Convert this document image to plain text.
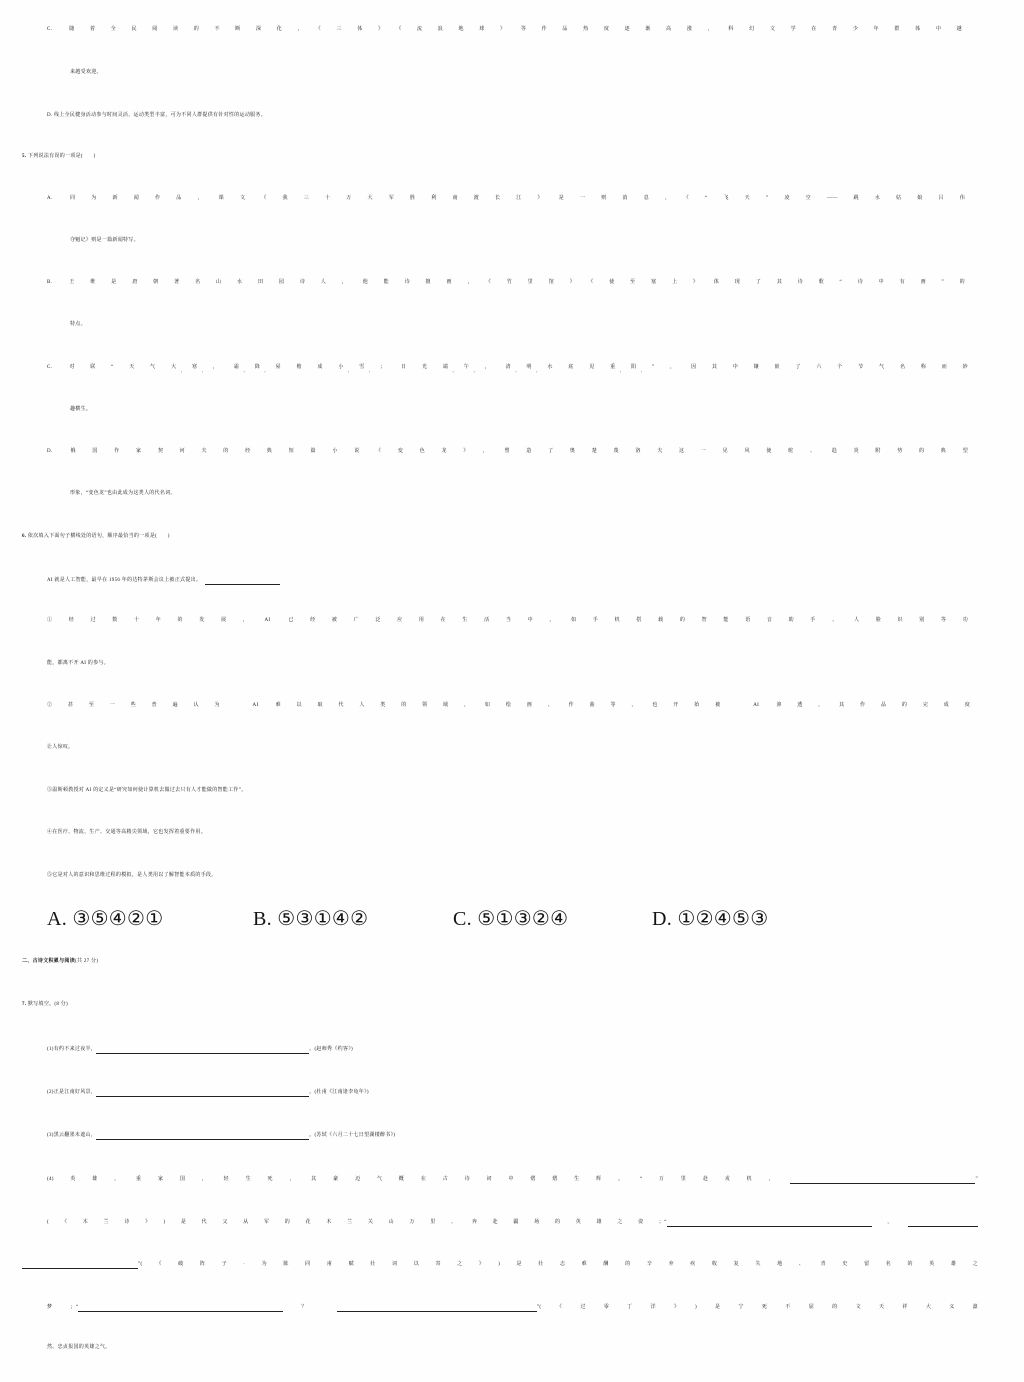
C. 随着全民阅读的不断深化，《三体》《流浪地球》等作品热度逐渐高涨，科幻文学在青少年群体中越
来越受欢迎。
D. 线上全民健身活动参与时间灵活，运动类型丰富，可为不同人群提供有针对性的运动服务。
5. 下列说法有误的一项是(　　)
A. 同为新闻作品，课文《我三十万大军胜利南渡长江》是一则消息，《“飞天”凌空——跳水姑娘吕伟
夺魁记》则是一篇新闻特写。
B. 王维是唐朝著名山水田园诗人，他能诗擅画，《竹里馆》《使至塞上》体现了其诗歌“诗中有画”的
特点。
C. 对联“天气大寒，霜降屋檐成小雪；日光端午，清明水底见重阳”，因其中镶嵌了六个节气名称而妙
趣横生。
D. 俄国作家契诃夫的经典短篇小说《变色龙》，塑造了奥楚蔑洛夫这一见风使舵、趋炎附势的典型
形象，“变色龙”也由此成为这类人的代名词。
6. 依次填入下面句子横线处的语句，顺序最恰当的一项是(　　)
AI 就是人工智能，最早在 1956 年的达特茅斯会议上被正式提出。
①经过数十年的发展，AI 已经被广泛应用在生活当中，如手机搭载的智能语音助手、人脸识别等功
能，都离不开 AI 的参与。
②甚至一些普遍认为 AI 难以取代人类的领域，如绘画、作曲等，也开始被 AI 渗透，其作品的完成度
让人惊叹。
③温斯顿教授对 AI 的定义是“研究如何使计算机去做过去只有人才能做的智能工作”。
④在医疗、物流、生产、交通等高精尖领域，它也发挥着重要作用。
⑤它是对人的意识和思维过程的模拟，是人类用以了解智能本质的手段。
A. ③⑤④②①	B. ⑤③①④②	C. ⑤①③②④	D. ①②④⑤③
二、古诗文积累与阅读(共 27 分)
7. 默写填空。(8 分)
(1)有约不来过夜半，	。(赵师秀《约客》)
(2)正是江南好风景，	。(杜甫《江南逢李龟年》)
(3)黑云翻墨未遮山，	。(苏轼《六月二十七日望湖楼醉书》)
(4)英雄，重家国，轻生死，其豪迈气概在古诗词中熠熠生辉。“万里赴戎机，	”
(《木兰诗》)是代父从军的花木兰关山万里、奔赴疆场的英雄之姿；“	，
”(《破阵子·为陈同甫赋壮词以寄之》)是壮志难酬的辛弃疾收复失地、青史留名的英雄之
梦；“	？	”(《过零丁洋》)是宁死不屈的文天祥大义凛
然、忠贞报国的英雄之气。
